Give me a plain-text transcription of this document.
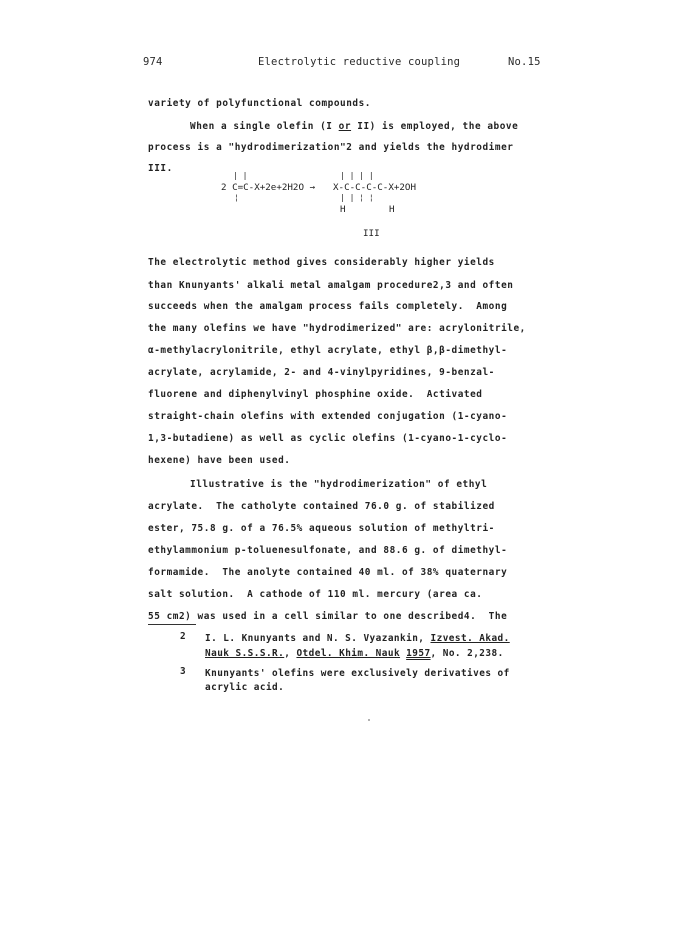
974	Electrolytic reductive coupling	No.15
variety of polyfunctional compounds.
When a single olefin (I or II) is employed, the above
process is a "hydrodimerization"2 and yields the hydrodimer
III.
| |
2 C=C-X+2e+2H2O →
¦
| | | |
X-C-C-C-C-X+2OH
| | ¦ ¦
H	H
III
The electrolytic method gives considerably higher yields
than Knunyants' alkali metal amalgam procedure2,3 and often
succeeds when the amalgam process fails completely.  Among
the many olefins we have "hydrodimerized" are: acrylonitrile,
α-methylacrylonitrile, ethyl acrylate, ethyl β,β-dimethyl-
acrylate, acrylamide, 2- and 4-vinylpyridines, 9-benzal-
fluorene and diphenylvinyl phosphine oxide.  Activated
straight-chain olefins with extended conjugation (1-cyano-
1,3-butadiene) as well as cyclic olefins (1-cyano-1-cyclo-
hexene) have been used.
Illustrative is the "hydrodimerization" of ethyl
acrylate.  The catholyte contained 76.0 g. of stabilized
ester, 75.8 g. of a 76.5% aqueous solution of methyltri-
ethylammonium p-toluenesulfonate, and 88.6 g. of dimethyl-
formamide.  The anolyte contained 40 ml. of 38% quaternary
salt solution.  A cathode of 110 ml. mercury (area ca.
55 cm2) was used in a cell similar to one described4.  The
2 I. L. Knunyants and N. S. Vyazankin, Izvest. Akad.
Nauk S.S.S.R., Otdel. Khim. Nauk 1957, No. 2,238.
3 Knunyants' olefins were exclusively derivatives of
acrylic acid.
